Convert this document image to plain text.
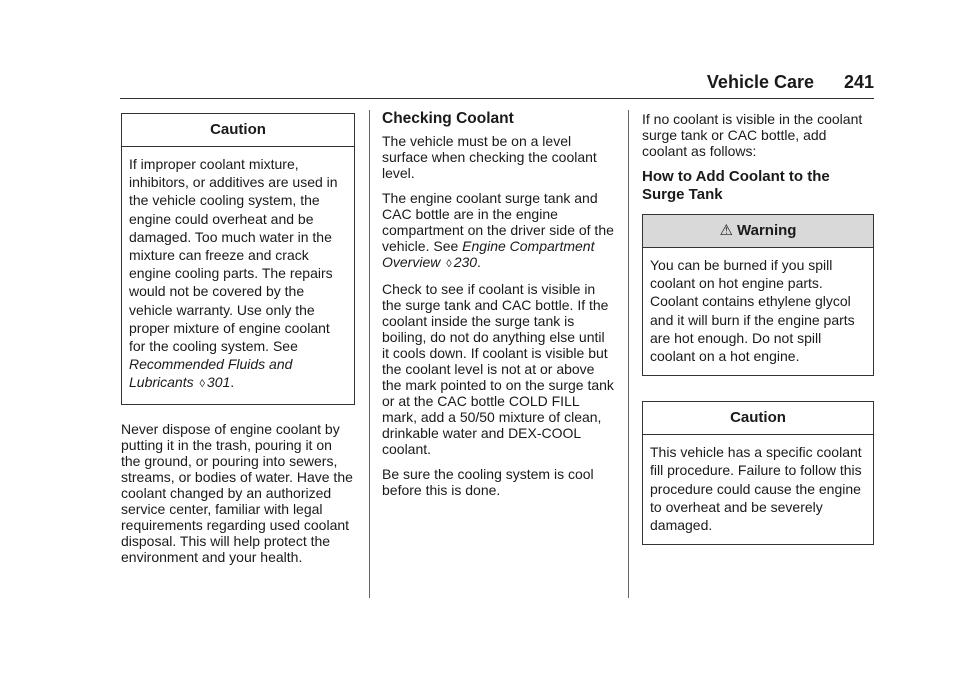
Vehicle Care 241
Caution
If improper coolant mixture, inhibitors, or additives are used in the vehicle cooling system, the engine could overheat and be damaged. Too much water in the mixture can freeze and crack engine cooling parts. The repairs would not be covered by the vehicle warranty. Use only the proper mixture of engine coolant for the cooling system. See Recommended Fluids and Lubricants ◊ 301.

Never dispose of engine coolant by putting it in the trash, pouring it on the ground, or pouring into sewers, streams, or bodies of water. Have the coolant changed by an authorized service center, familiar with legal requirements regarding used coolant disposal. This will help protect the environment and your health.

Checking Coolant

The vehicle must be on a level surface when checking the coolant level.

The engine coolant surge tank and CAC bottle are in the engine compartment on the driver side of the vehicle. See Engine Compartment Overview ◊ 230.

Check to see if coolant is visible in the surge tank and CAC bottle. If the coolant inside the surge tank is boiling, do not do anything else until it cools down. If coolant is visible but the coolant level is not at or above the mark pointed to on the surge tank or at the CAC bottle COLD FILL mark, add a 50/50 mixture of clean, drinkable water and DEX-COOL coolant.

Be sure the cooling system is cool before this is done.

If no coolant is visible in the coolant surge tank or CAC bottle, add coolant as follows:

How to Add Coolant to the Surge Tank
⚠ Warning
You can be burned if you spill coolant on hot engine parts. Coolant contains ethylene glycol and it will burn if the engine parts are hot enough. Do not spill coolant on a hot engine.
Caution
This vehicle has a specific coolant fill procedure. Failure to follow this procedure could cause the engine to overheat and be severely damaged.
